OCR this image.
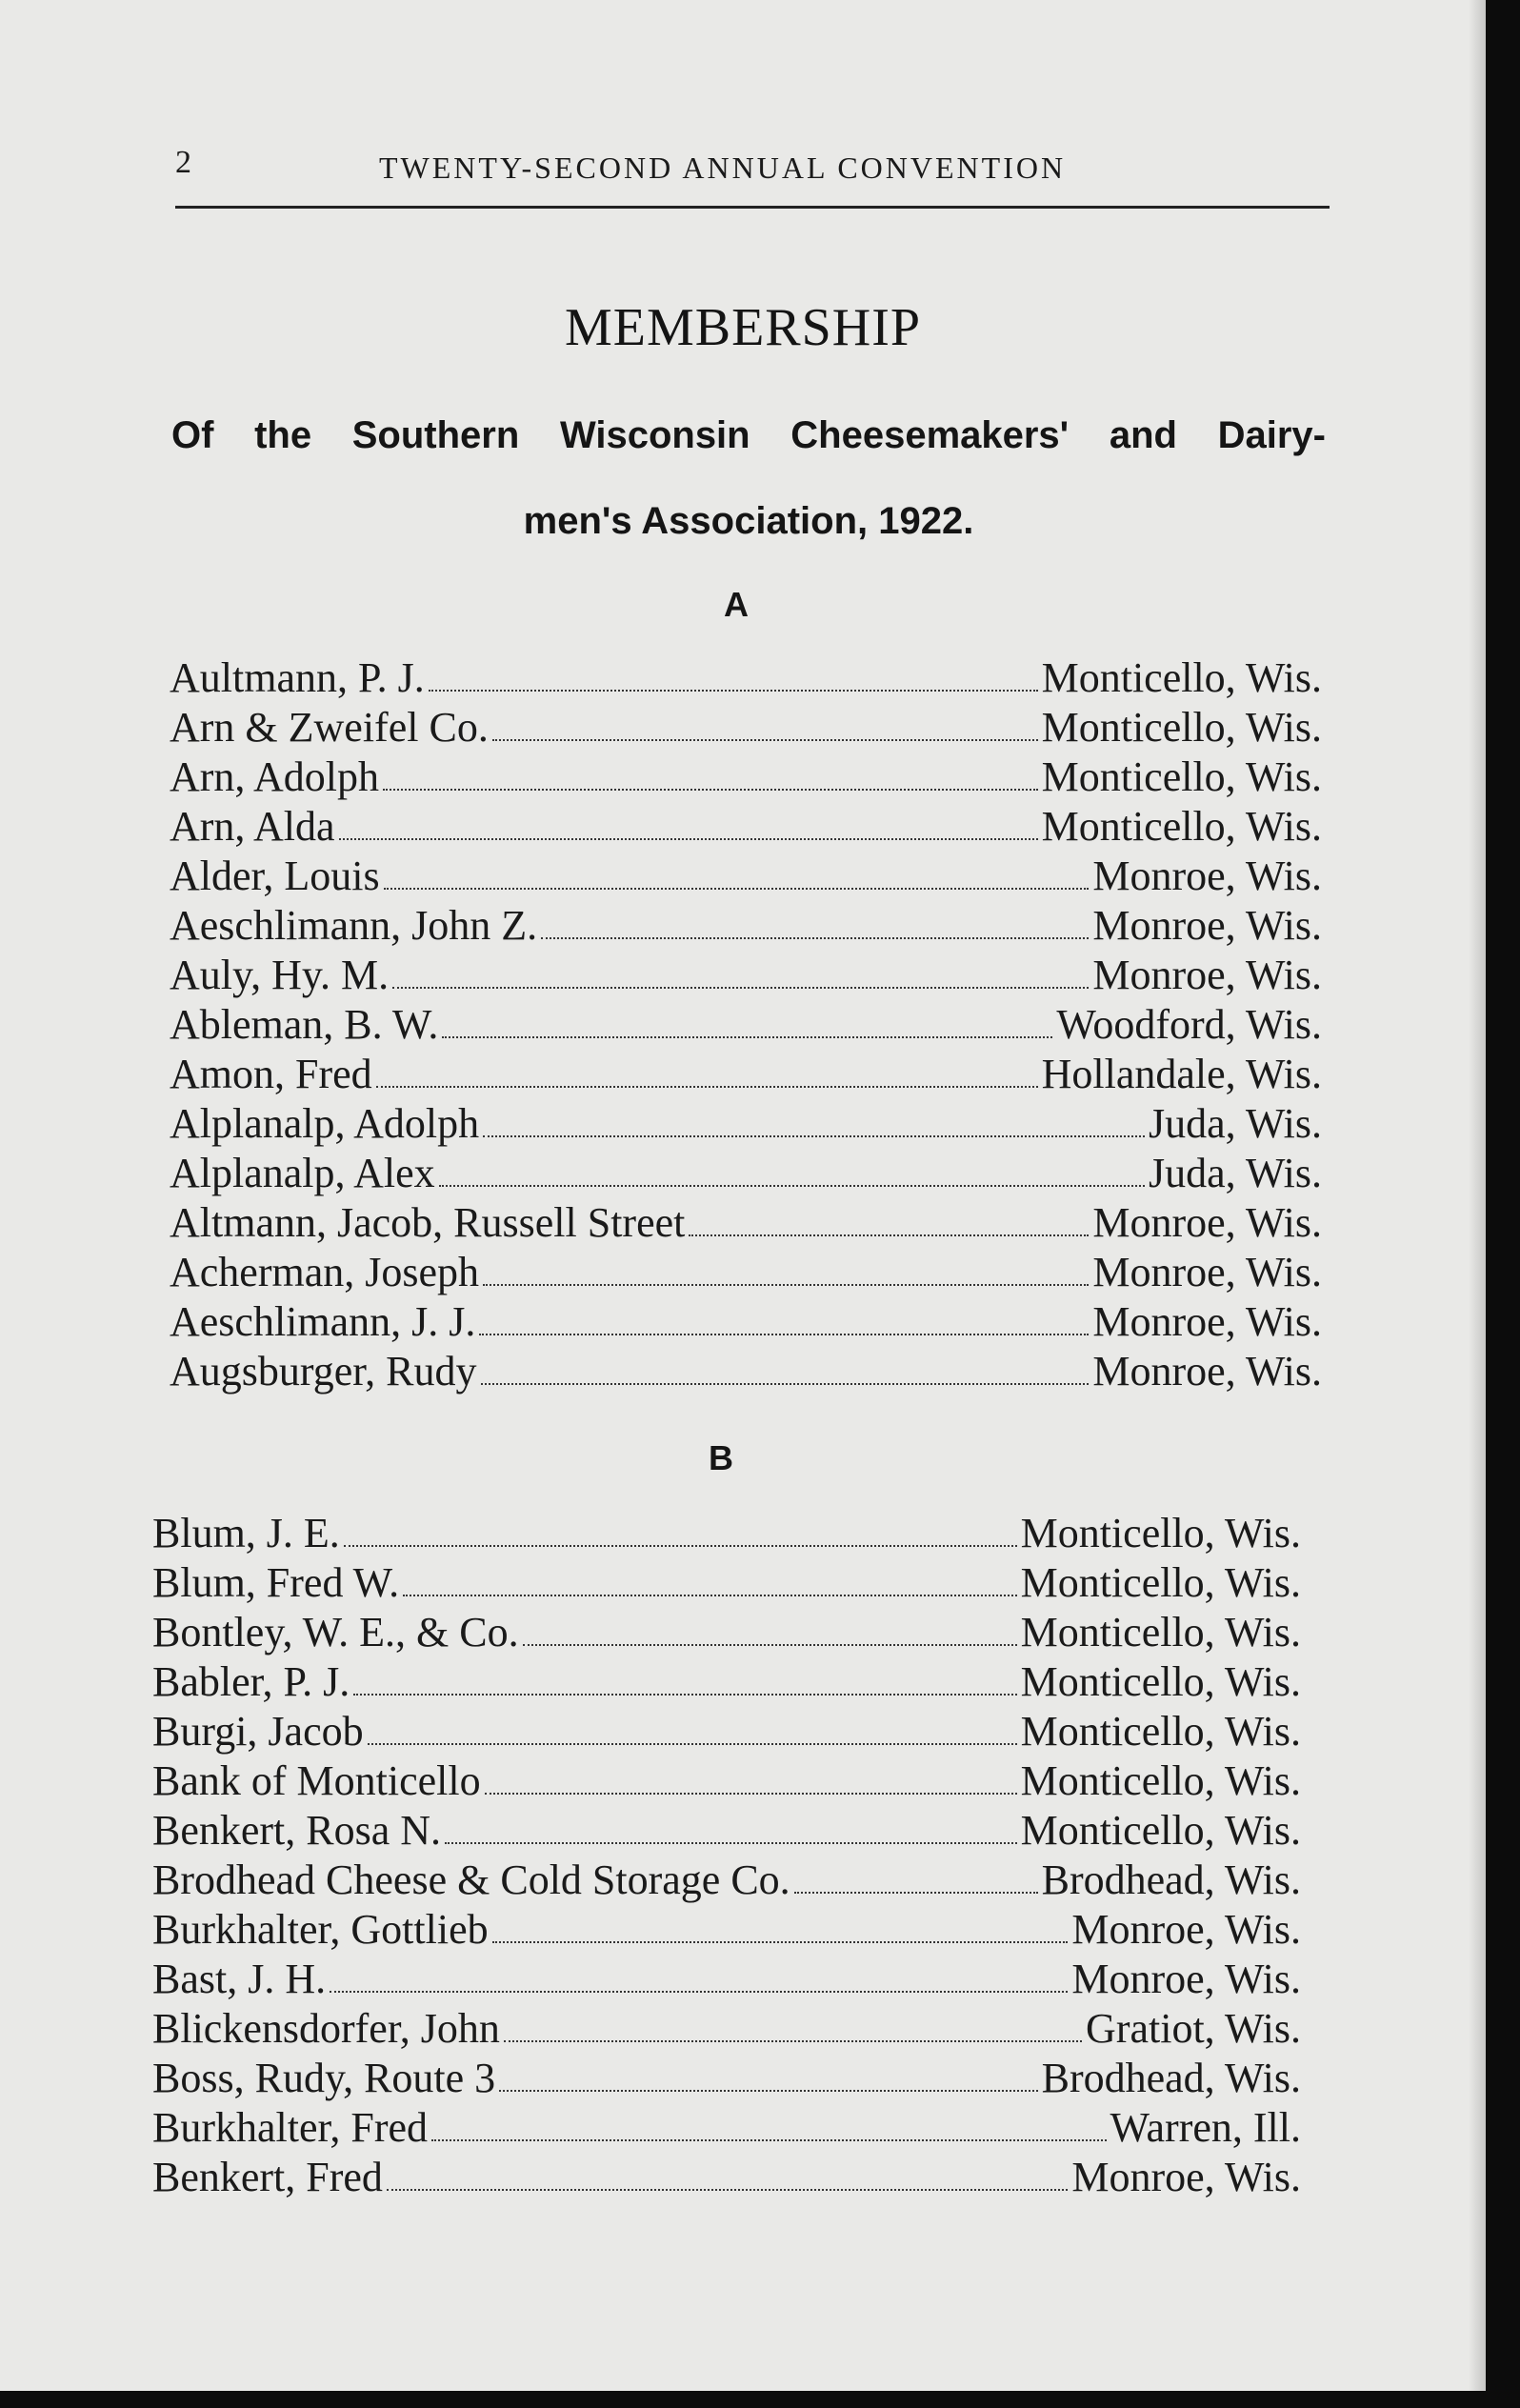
2	TWENTY-SECOND ANNUAL CONVENTION
MEMBERSHIP
Of the Southern Wisconsin Cheesemakers' and Dairy-
men's Association, 1922.
A
Aultmann, P. J.	Monticello, Wis.
Arn & Zweifel Co.	Monticello, Wis.
Arn, Adolph	Monticello, Wis.
Arn, Alda	Monticello, Wis.
Alder, Louis	Monroe, Wis.
Aeschlimann, John Z.	Monroe, Wis.
Auly, Hy. M.	Monroe, Wis.
Ableman, B. W.	Woodford, Wis.
Amon, Fred	Hollandale, Wis.
Alplanalp, Adolph	Juda, Wis.
Alplanalp, Alex	Juda, Wis.
Altmann, Jacob, Russell Street	Monroe, Wis.
Acherman, Joseph	Monroe, Wis.
Aeschlimann, J. J.	Monroe, Wis.
Augsburger, Rudy	Monroe, Wis.
B
Blum, J. E.	Monticello, Wis.
Blum, Fred W.	Monticello, Wis.
Bontley, W. E., & Co.	Monticello, Wis.
Babler, P. J.	Monticello, Wis.
Burgi, Jacob	Monticello, Wis.
Bank of Monticello	Monticello, Wis.
Benkert, Rosa N.	Monticello, Wis.
Brodhead Cheese & Cold Storage Co.	Brodhead, Wis.
Burkhalter, Gottlieb	Monroe, Wis.
Bast, J. H.	Monroe, Wis.
Blickensdorfer, John	Gratiot, Wis.
Boss, Rudy, Route 3	Brodhead, Wis.
Burkhalter, Fred	Warren, Ill.
Benkert, Fred	Monroe, Wis.
